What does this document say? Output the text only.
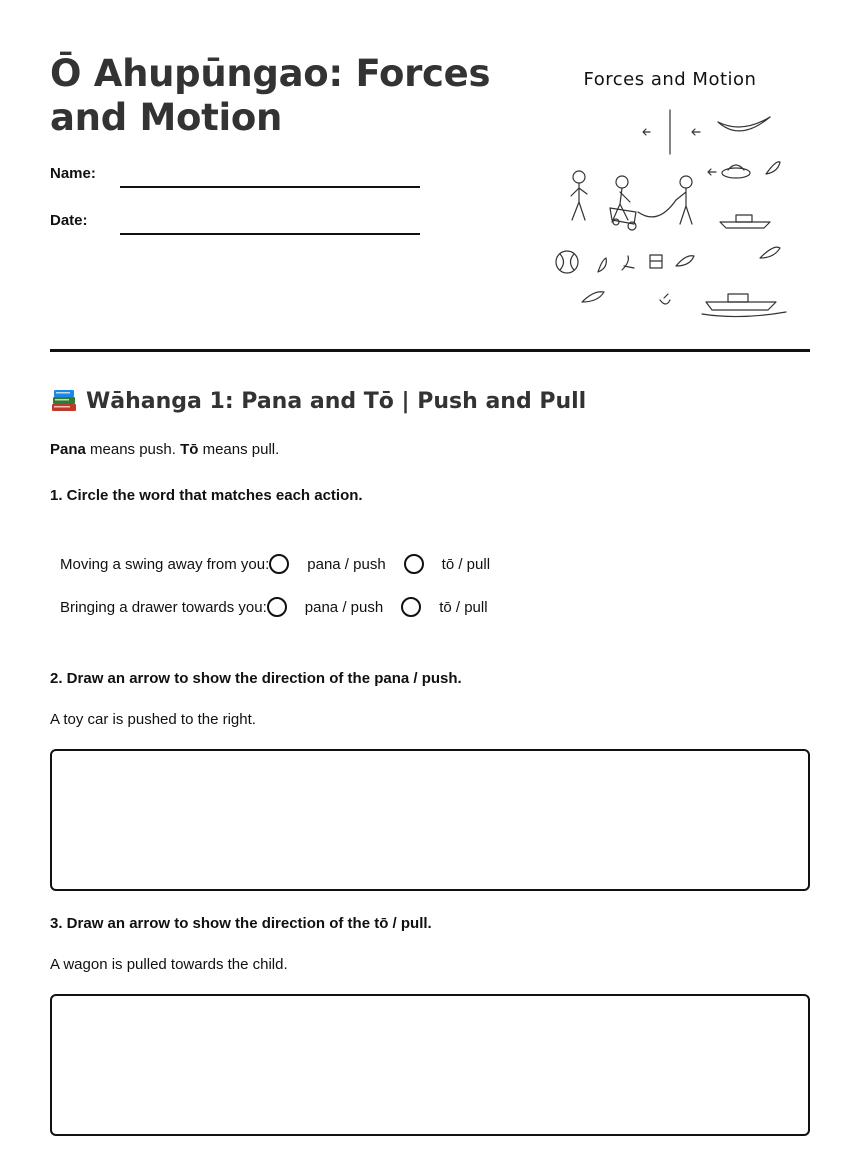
Ō Ahupūngao: Forces
and Motion
Name:
Date:
Forces and Motion
Wāhanga 1: Pana and Tō | Push and Pull
Pana means push. Tō means pull.
1. Circle the word that matches each action.
Moving a swing away from you:	pana / push	tō / pull
Bringing a drawer towards you:	pana / push	tō / pull
2. Draw an arrow to show the direction of the pana / push.
A toy car is pushed to the right.
3. Draw an arrow to show the direction of the tō / pull.
A wagon is pulled towards the child.
